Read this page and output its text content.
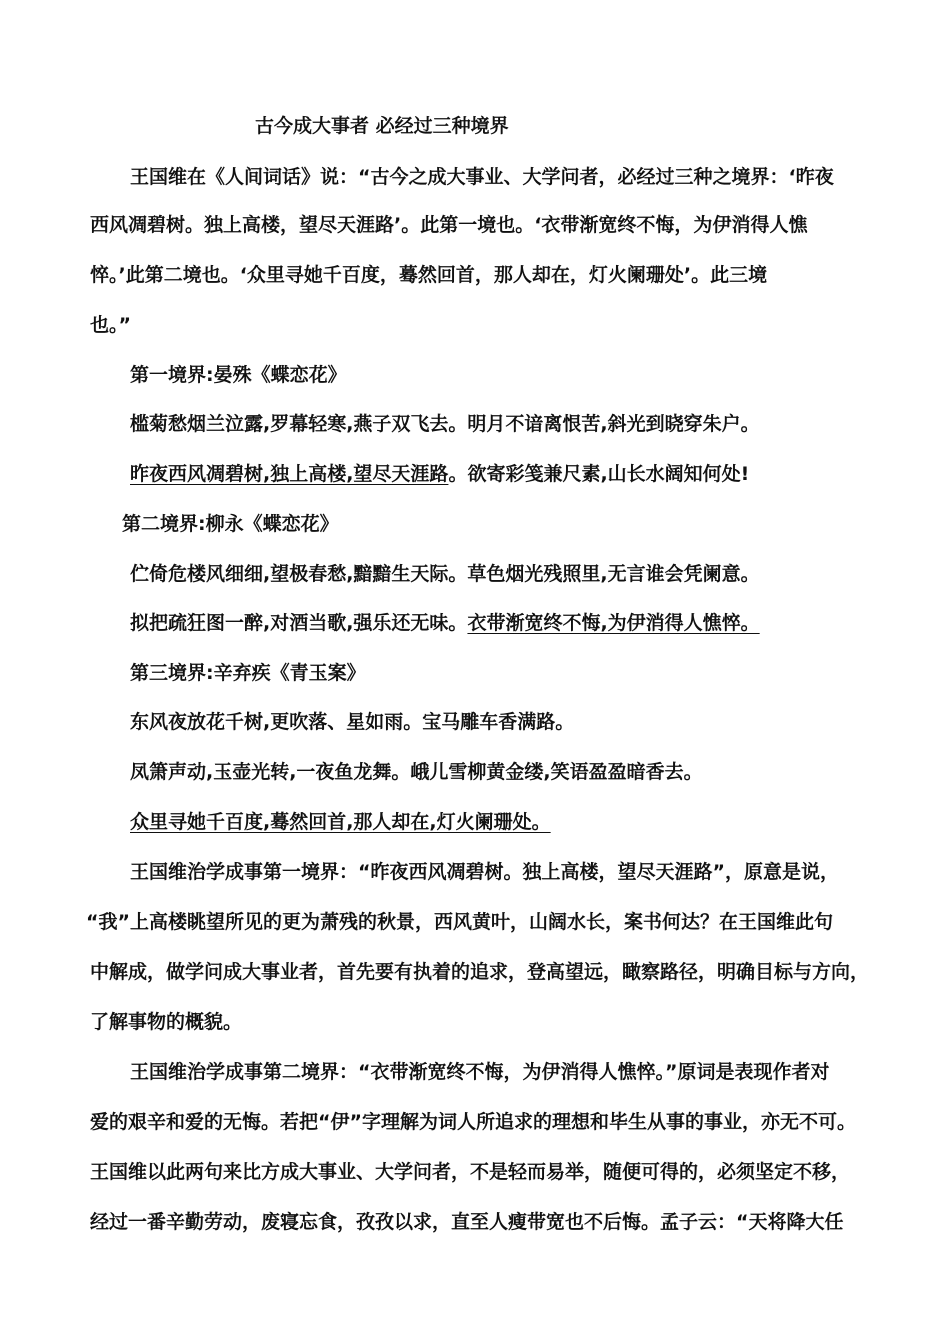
古今成大事者 必经过三种境界
王国维在《人间词话》说：“古今之成大事业、大学问者，必经过三种之境界：‘昨夜
西风凋碧树。独上高楼，望尽天涯路’。此第一境也。‘衣带渐宽终不悔，为伊消得人憔
悴。’此第二境也。‘众里寻她千百度，蓦然回首，那人却在，灯火阑珊处’。此三境
也。”
第一境界:晏殊《蝶恋花》
槛菊愁烟兰泣露,罗幕轻寒,燕子双飞去。明月不谙离恨苦,斜光到晓穿朱户。
昨夜西风凋碧树,独上高楼,望尽天涯路。欲寄彩笺兼尺素,山长水阔知何处!
第二境界:柳永《蝶恋花》
伫倚危楼风细细,望极春愁,黯黯生天际。草色烟光残照里,无言谁会凭阑意。
拟把疏狂图一醉,对酒当歌,强乐还无味。衣带渐宽终不悔,为伊消得人憔悴。
第三境界:辛弃疾《青玉案》
东风夜放花千树,更吹落、星如雨。宝马雕车香满路。
凤箫声动,玉壶光转,一夜鱼龙舞。峨儿雪柳黄金缕,笑语盈盈暗香去。
众里寻她千百度,蓦然回首,那人却在,灯火阑珊处。
王国维治学成事第一境界：“昨夜西风凋碧树。独上高楼，望尽天涯路”，原意是说，
“我”上高楼眺望所见的更为萧残的秋景，西风黄叶，山阔水长，案书何达？在王国维此句
中解成，做学问成大事业者，首先要有执着的追求，登高望远，瞰察路径，明确目标与方向，
了解事物的概貌。
王国维治学成事第二境界：“衣带渐宽终不悔，为伊消得人憔悴。”原词是表现作者对
爱的艰辛和爱的无悔。若把“伊”字理解为词人所追求的理想和毕生从事的事业，亦无不可。
王国维以此两句来比方成大事业、大学问者，不是轻而易举，随便可得的，必须坚定不移，
经过一番辛勤劳动，废寝忘食，孜孜以求，直至人瘦带宽也不后悔。孟子云：“天将降大任
